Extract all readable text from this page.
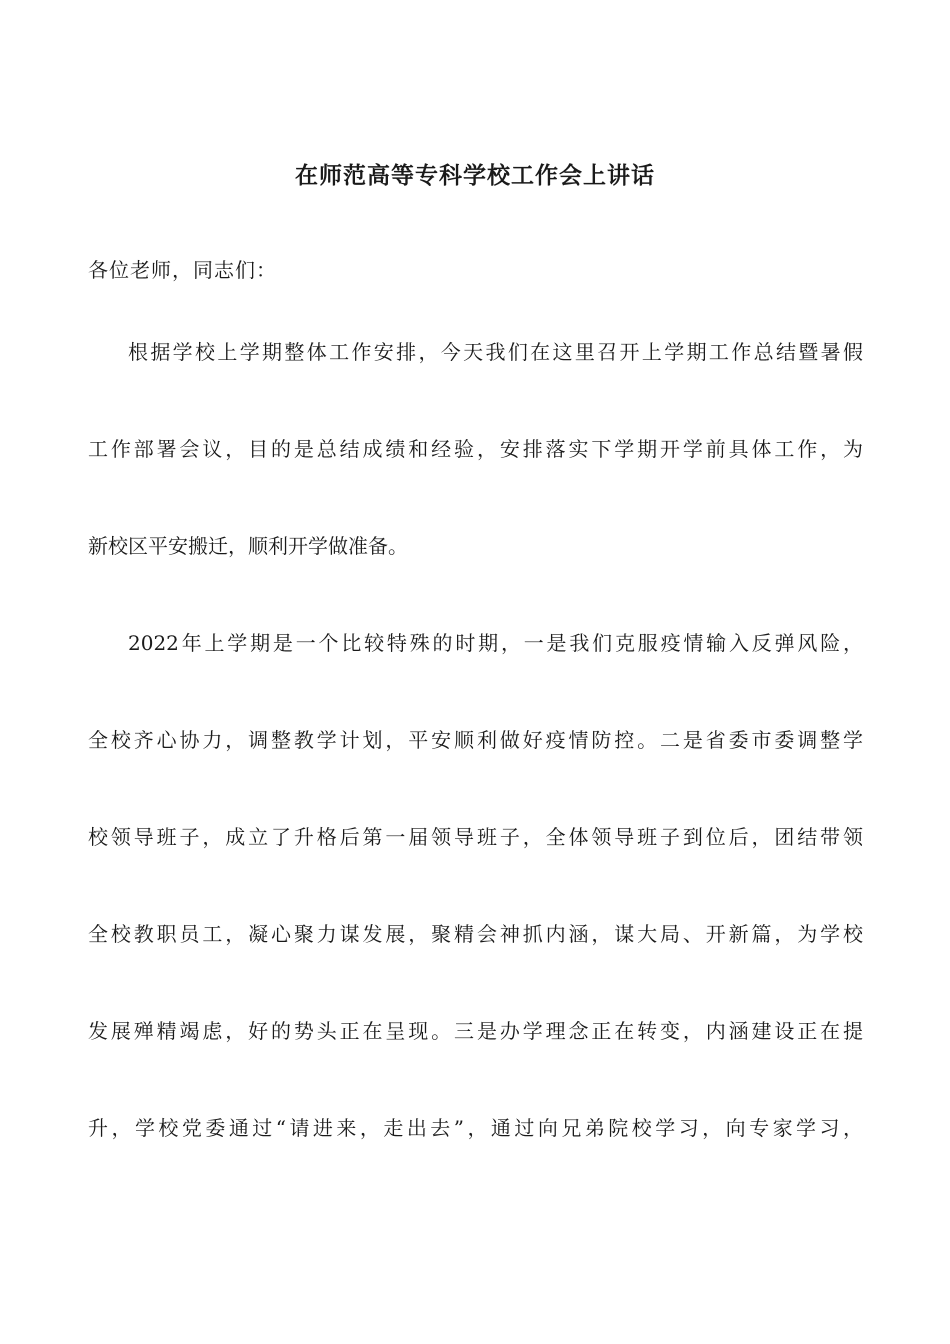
在师范高等专科学校工作会上讲话
各位老师，同志们：
根据学校上学期整体工作安排，今天我们在这里召开上学期工作总结暨暑假
工作部署会议，目的是总结成绩和经验，安排落实下学期开学前具体工作，为
新校区平安搬迁，顺利开学做准备。
2022年上学期是一个比较特殊的时期，一是我们克服疫情输入反弹风险，
全校齐心协力，调整教学计划，平安顺利做好疫情防控。二是省委市委调整学
校领导班子，成立了升格后第一届领导班子，全体领导班子到位后，团结带领
全校教职员工，凝心聚力谋发展，聚精会神抓内涵，谋大局、开新篇，为学校
发展殚精竭虑，好的势头正在呈现。三是办学理念正在转变，内涵建设正在提
升，学校党委通过“请进来，走出去”，通过向兄弟院校学习，向专家学习，
